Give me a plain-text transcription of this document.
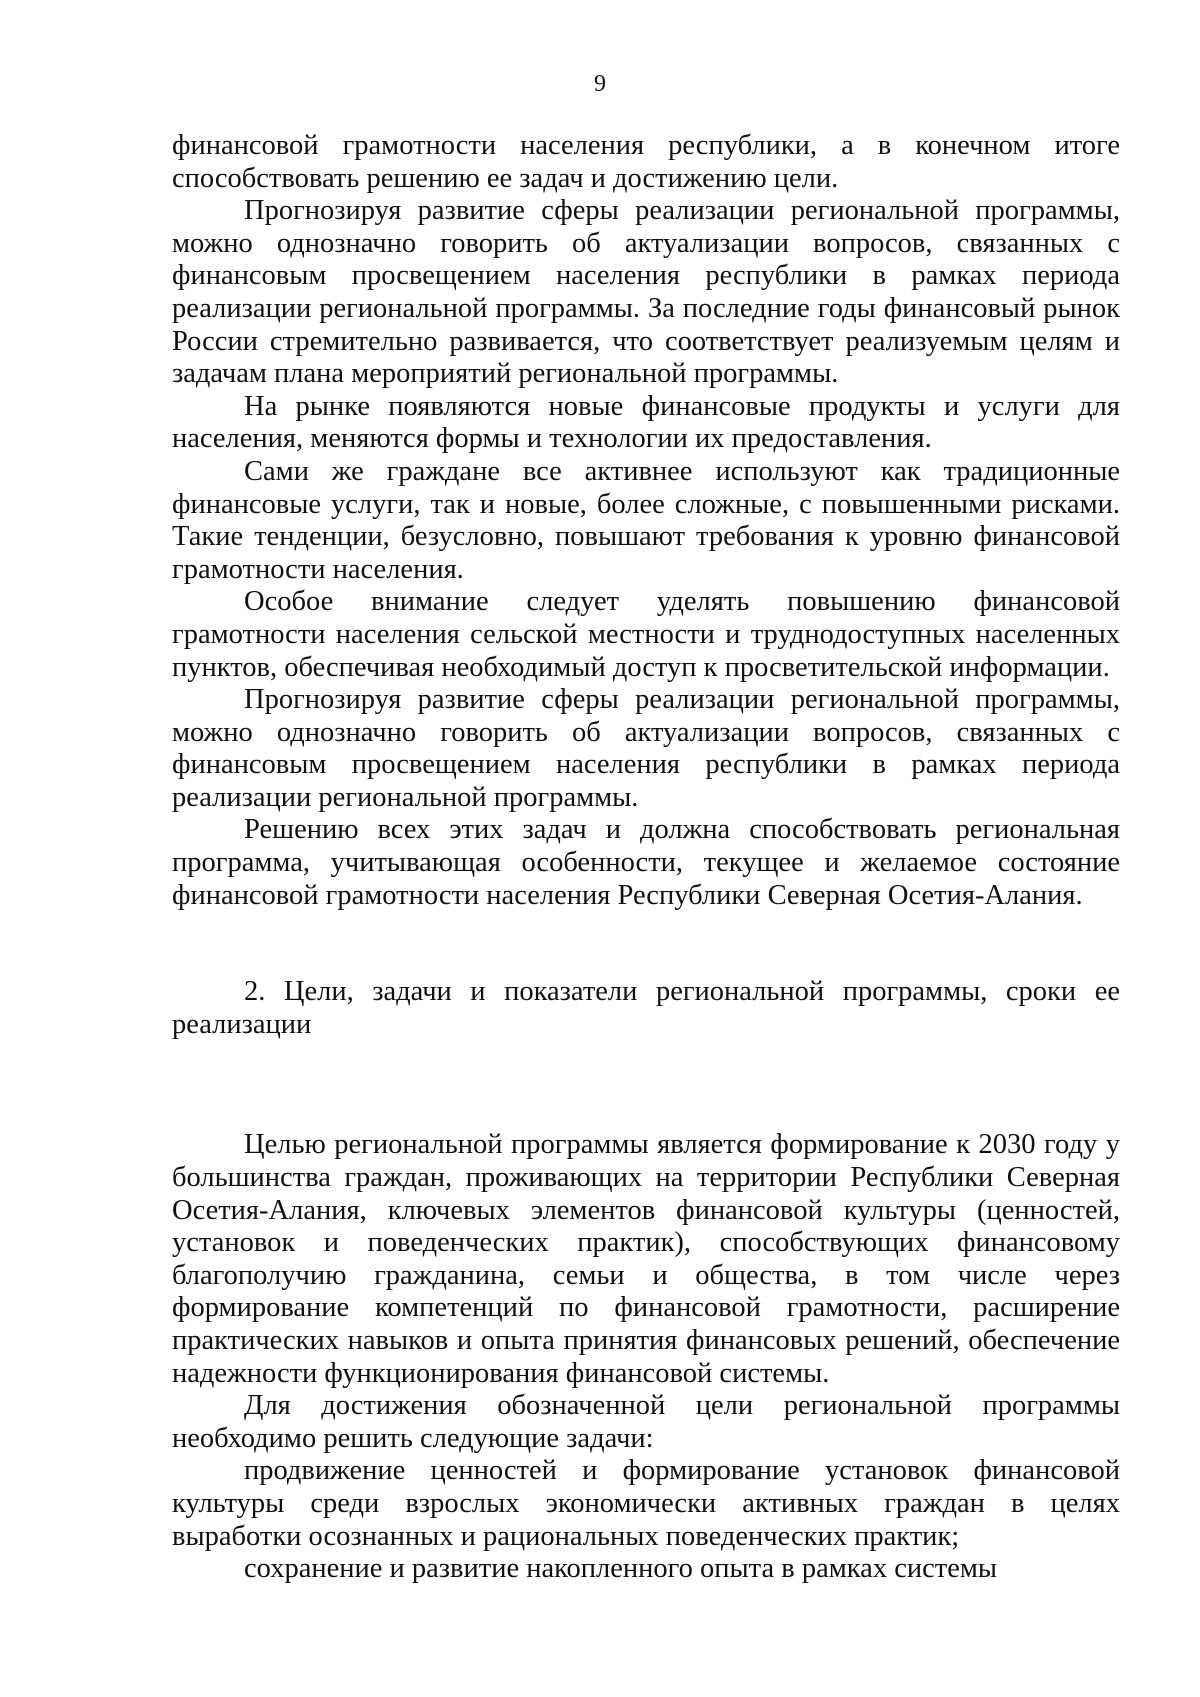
9

финансовой грамотности населения республики, а в конечном итоге способствовать решению ее задач и достижению цели.

Прогнозируя развитие сферы реализации региональной программы, можно однозначно говорить об актуализации вопросов, связанных с финансовым просвещением населения республики в рамках периода реализации региональной программы. За последние годы финансовый рынок России стремительно развивается, что соответствует реализуемым целям и задачам плана мероприятий региональной программы.

На рынке появляются новые финансовые продукты и услуги для населения, меняются формы и технологии их предоставления.

Сами же граждане все активнее используют как традиционные финансовые услуги, так и новые, более сложные, с повышенными рисками. Такие тенденции, безусловно, повышают требования к уровню финансовой грамотности населения.

Особое внимание следует уделять повышению финансовой грамотности населения сельской местности и труднодоступных населенных пунктов, обеспечивая необходимый доступ к просветительской информации.

Прогнозируя развитие сферы реализации региональной программы, можно однозначно говорить об актуализации вопросов, связанных с финансовым просвещением населения республики в рамках периода реализации региональной программы.

Решению всех этих задач и должна способствовать региональная программа, учитывающая особенности, текущее и желаемое состояние финансовой грамотности населения Республики Северная Осетия-Алания.

2. Цели, задачи и показатели региональной программы, сроки ее реализации

Целью региональной программы является формирование к 2030 году у большинства граждан, проживающих на территории Республики Северная Осетия-Алания, ключевых элементов финансовой культуры (ценностей, установок и поведенческих практик), способствующих финансовому благополучию гражданина, семьи и общества, в том числе через формирование компетенций по финансовой грамотности, расширение практических навыков и опыта принятия финансовых решений, обеспечение надежности функционирования финансовой системы.

Для достижения обозначенной цели региональной программы необходимо решить следующие задачи:

продвижение ценностей и формирование установок финансовой культуры среди взрослых экономически активных граждан в целях выработки осознанных и рациональных поведенческих практик;

сохранение и развитие накопленного опыта в рамках системы
